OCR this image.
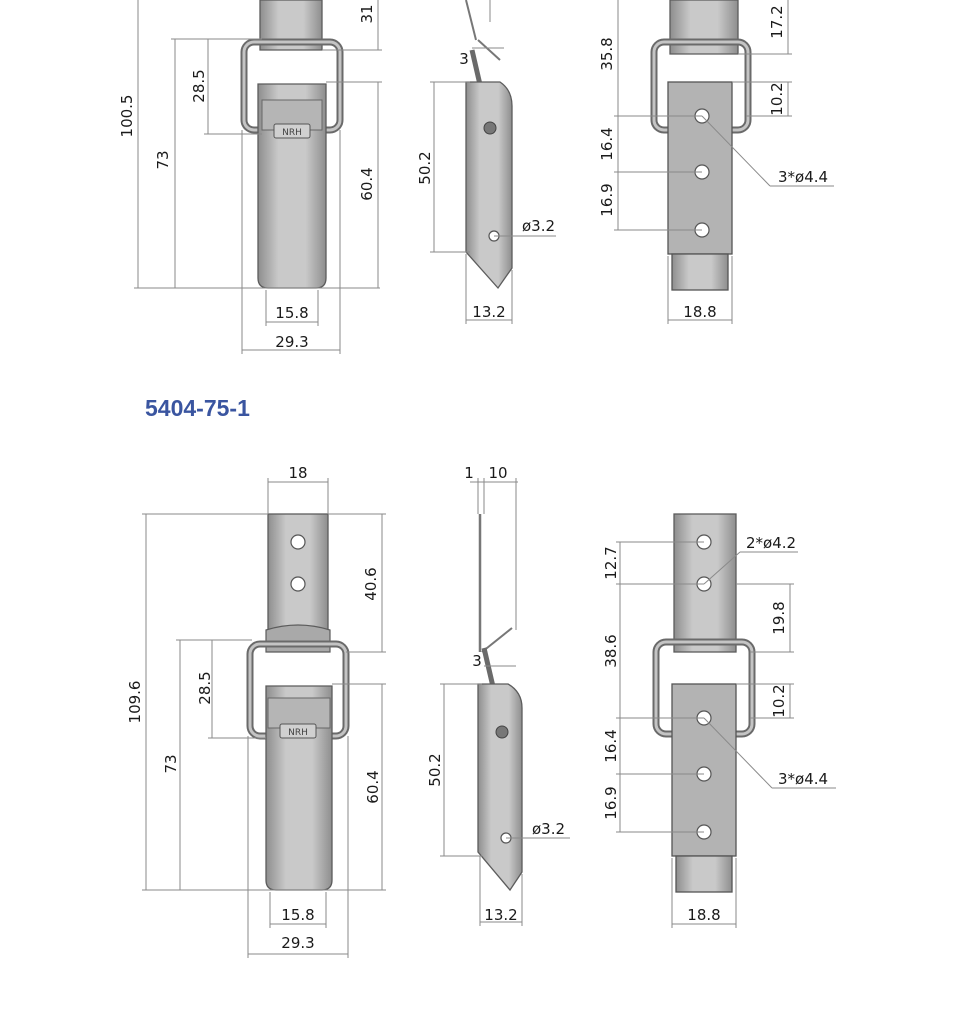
NRH
31
100.5
73
28.5
60.4
15.8
29.3
3
50.2
ø3.2
13.2
35.8
17.2
10.2
16.4
16.9
3*ø4.4
18.8
NRH
18
40.6
109.6
73
28.5
60.4
15.8
29.3
1 10
3
50.2
ø3.2
13.2
12.7
2*ø4.2
19.8
38.6
10.2
16.4
16.9
3*ø4.4
18.8
5404-75-1
